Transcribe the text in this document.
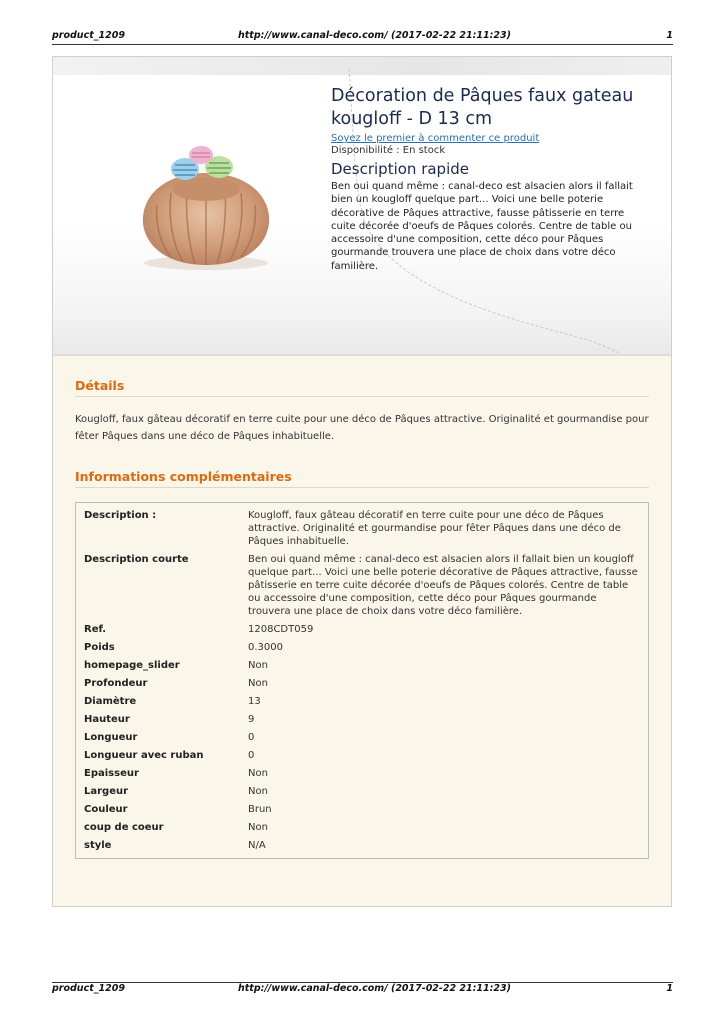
product_1209	http://www.canal-deco.com/ (2017-02-22 21:11:23)	1
Décoration de Pâques faux gateau kougloff - D 13 cm
Soyez le premier à commenter ce produit
Disponibilité : En stock
Description rapide

Ben oui quand même : canal-deco est alsacien alors il fallait bien un kougloff quelque part... Voici une belle poterie décorative de Pâques attractive, fausse pâtisserie en terre cuite décorée d'oeufs de Pâques colorés. Centre de table ou accessoire d'une composition, cette déco pour Pâques gourmande trouvera une place de choix dans votre déco familière.

Détails

Kougloff, faux gâteau décoratif en terre cuite pour une déco de Pâques attractive. Originalité et gourmandise pour fêter Pâques dans une déco de Pâques inhabituelle.

Informations complémentaires
Description :	Kougloff, faux gâteau décoratif en terre cuite pour une déco de Pâques attractive. Originalité et gourmandise pour fêter Pâques dans une déco de Pâques inhabituelle.
Description courte	Ben oui quand même : canal-deco est alsacien alors il fallait bien un kougloff quelque part... Voici une belle poterie décorative de Pâques attractive, fausse pâtisserie en terre cuite décorée d'oeufs de Pâques colorés. Centre de table ou accessoire d'une composition, cette déco pour Pâques gourmande trouvera une place de choix dans votre déco familière.
Ref.	1208CDT059
Poids	0.3000
homepage_slider	Non
Profondeur	Non
Diamètre	13
Hauteur	9
Longueur	0
Longueur avec ruban	0
Epaisseur	Non
Largeur	Non
Couleur	Brun
coup de coeur	Non
style	N/A
product_1209	http://www.canal-deco.com/ (2017-02-22 21:11:23)	1
